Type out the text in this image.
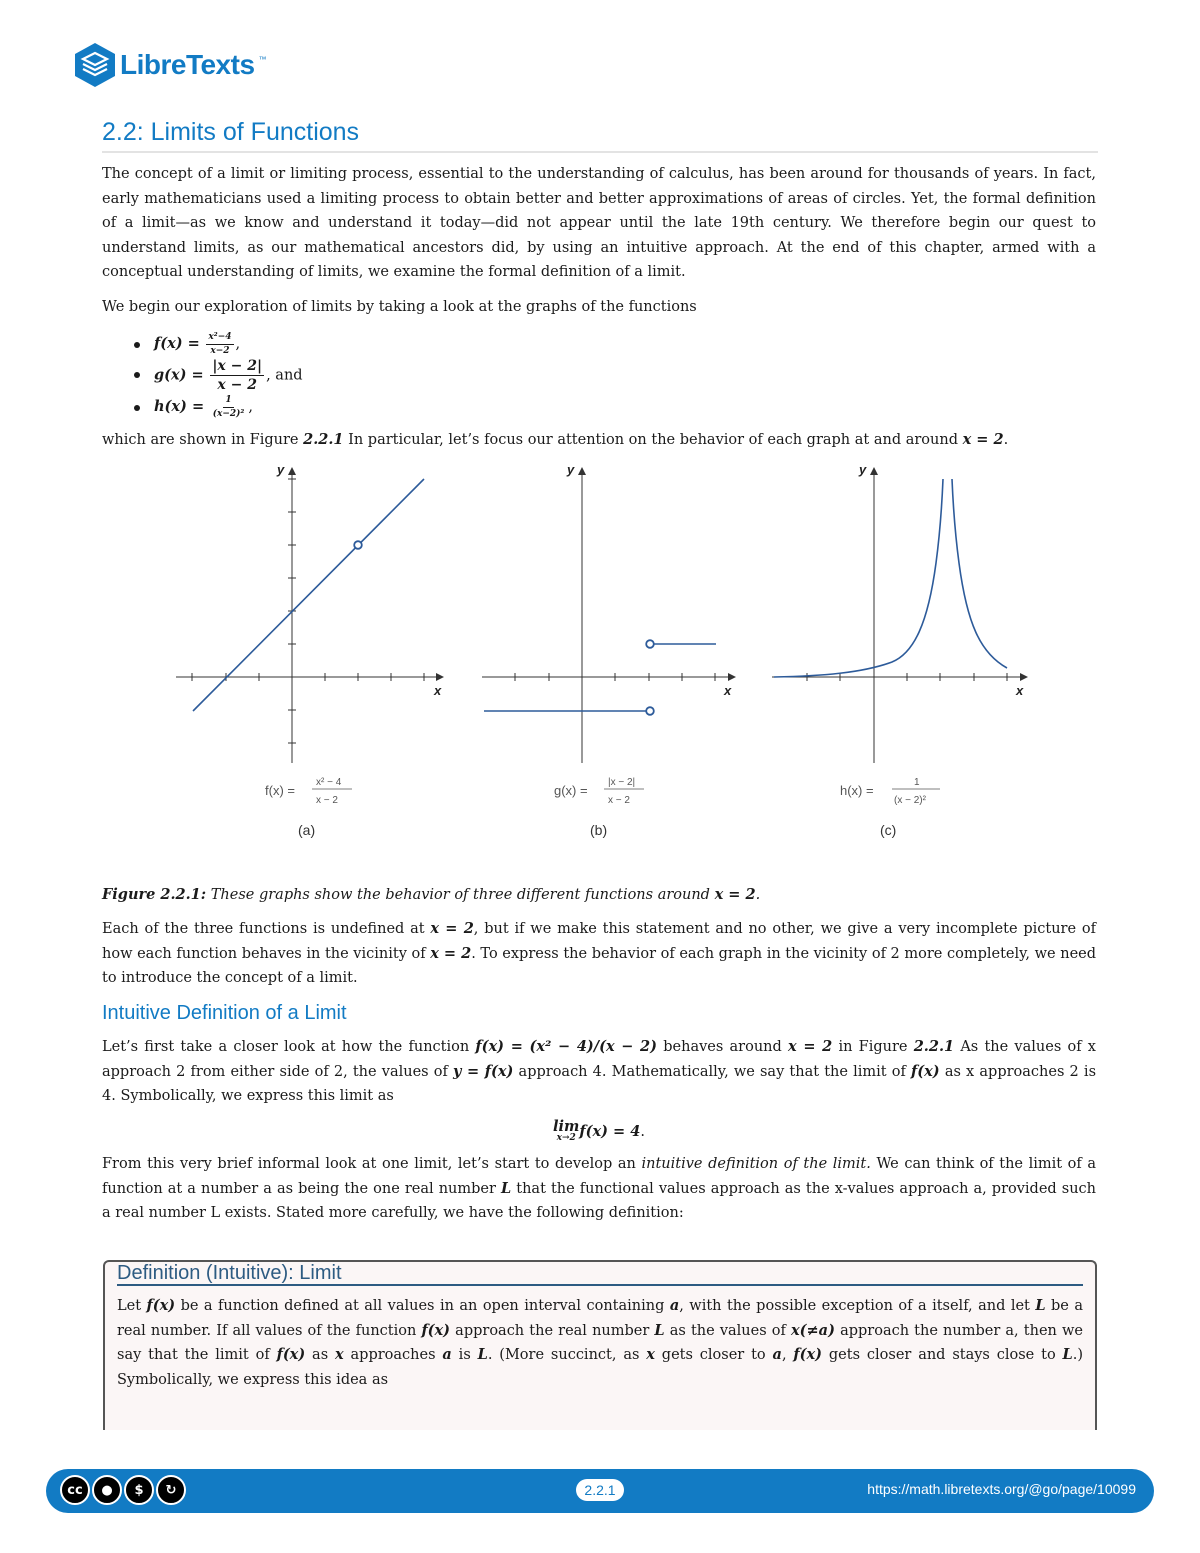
LibreTexts ™
2.2: Limits of Functions

The concept of a limit or limiting process, essential to the understanding of calculus, has been around for thousands of years. In fact, early mathematicians used a limiting process to obtain better and better approximations of areas of circles. Yet, the formal definition of a limit—as we know and understand it today—did not appear until the late 19th century. We therefore begin our quest to understand limits, as our mathematical ancestors did, by using an intuitive approach. At the end of this chapter, armed with a conceptual understanding of limits, we examine the formal definition of a limit.

We begin our exploration of limits by taking a look at the graphs of the functions

$f(x) = \frac{\text{x²−4}}{x-2}$ ,
$g(x) = \frac{|x - 2|}{x - 2}$ , and
$h(x) = \frac{1}{\text{(x−2)²}}$ ,

which are shown in Figure 2.2.1 In particular, let’s focus our attention on the behavior of each graph at and around x = 2.

x
y
x
y
x
y
f(x) =
x² − 4
x − 2
g(x) =
|x − 2|
x − 2
h(x) =
1
(x − 2)²
(a)	(b)	(c)

Figure 2.2.1: These graphs show the behavior of three different functions around x = 2.

Each of the three functions is undefined at x = 2, but if we make this statement and no other, we give a very incomplete picture of how each function behaves in the vicinity of x = 2. To express the behavior of each graph in the vicinity of 2 more completely, we need to introduce the concept of a limit.

Intuitive Definition of a Limit

Let’s first take a closer look at how the function f(x) = (x² − 4)/(x − 2) behaves around x = 2 in Figure 2.2.1 As the values of x approach 2 from either side of 2, the values of y = f(x) approach 4. Mathematically, we say that the limit of f(x) as x approaches 2 is 4. Symbolically, we express this limit as

lim
x→2 f(x) = 4.

From this very brief informal look at one limit, let’s start to develop an intuitive definition of the limit. We can think of the limit of a function at a number a as being the one real number L that the functional values approach as the x-values approach a, provided such a real number L exists. Stated more carefully, we have the following definition:

Definition (Intuitive): Limit
Let f(x) be a function defined at all values in an open interval containing a, with the possible exception of a itself, and let L be a real number. If all values of the function f(x) approach the real number L as the values of x(≠a) approach the number a, then we say that the limit of f(x) as x approaches a is L. (More succinct, as x gets closer to a, f(x) gets closer and stays close to L.) Symbolically, we express this idea as
cc	●	$	↻	2.2.1	https://math.libretexts.org/@go/page/10099
